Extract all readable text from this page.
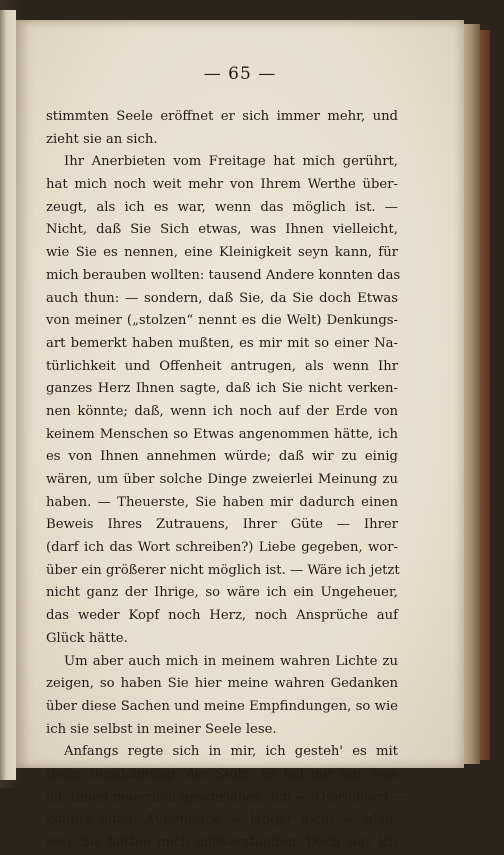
— 65 —
stimmten Seele eröffnet er sich immer mehr, und
zieht sie an sich.
Ihr Anerbieten vom Freitage hat mich gerührt,
hat mich noch weit mehr von Ihrem Werthe über-
zeugt, als ich es war, wenn das möglich ist. —
Nicht, daß Sie Sich etwas, was Ihnen vielleicht,
wie Sie es nennen, eine Kleinigkeit seyn kann, für
mich berauben wollten: tausend Andere konnten das
auch thun: — sondern, daß Sie, da Sie doch Etwas
von meiner („stolzen“ nennt es die Welt) Denkungs-
art bemerkt haben mußten, es mir mit so einer Na-
türlichkeit und Offenheit antrugen, als wenn Ihr
ganzes Herz Ihnen sagte, daß ich Sie nicht verken-
nen könnte; daß, wenn ich noch auf der Erde von
keinem Menschen so Etwas angenommen hätte, ich
es von Ihnen annehmen würde; daß wir zu einig
wären, um über solche Dinge zweierlei Meinung zu
haben. — Theuerste, Sie haben mir dadurch einen
Beweis Ihres Zutrauens, Ihrer Güte — Ihrer
(darf ich das Wort schreiben?) Liebe gegeben, wor-
über ein größerer nicht möglich ist. — Wäre ich jetzt
nicht ganz der Ihrige, so wäre ich ein Ungeheuer,
das weder Kopf noch Herz, noch Ansprüche auf
Glück hätte.
Um aber auch mich in meinem wahren Lichte zu
zeigen, so haben Sie hier meine wahren Gedanken
über diese Sachen und meine Empfindungen, so wie
ich sie selbst in meiner Seele lese.
Anfangs regte sich in mir, ich gesteh' es mit
tiefer Beschämung, der Stolz. Es fiel mir ein, was
ich Ihnen neuerlich geschrieben; ich — Thörichter! —
konnte einen Augenblick — länger nicht — glau-
ben, Sie hätten mich mißverstanden. Doch war ich
